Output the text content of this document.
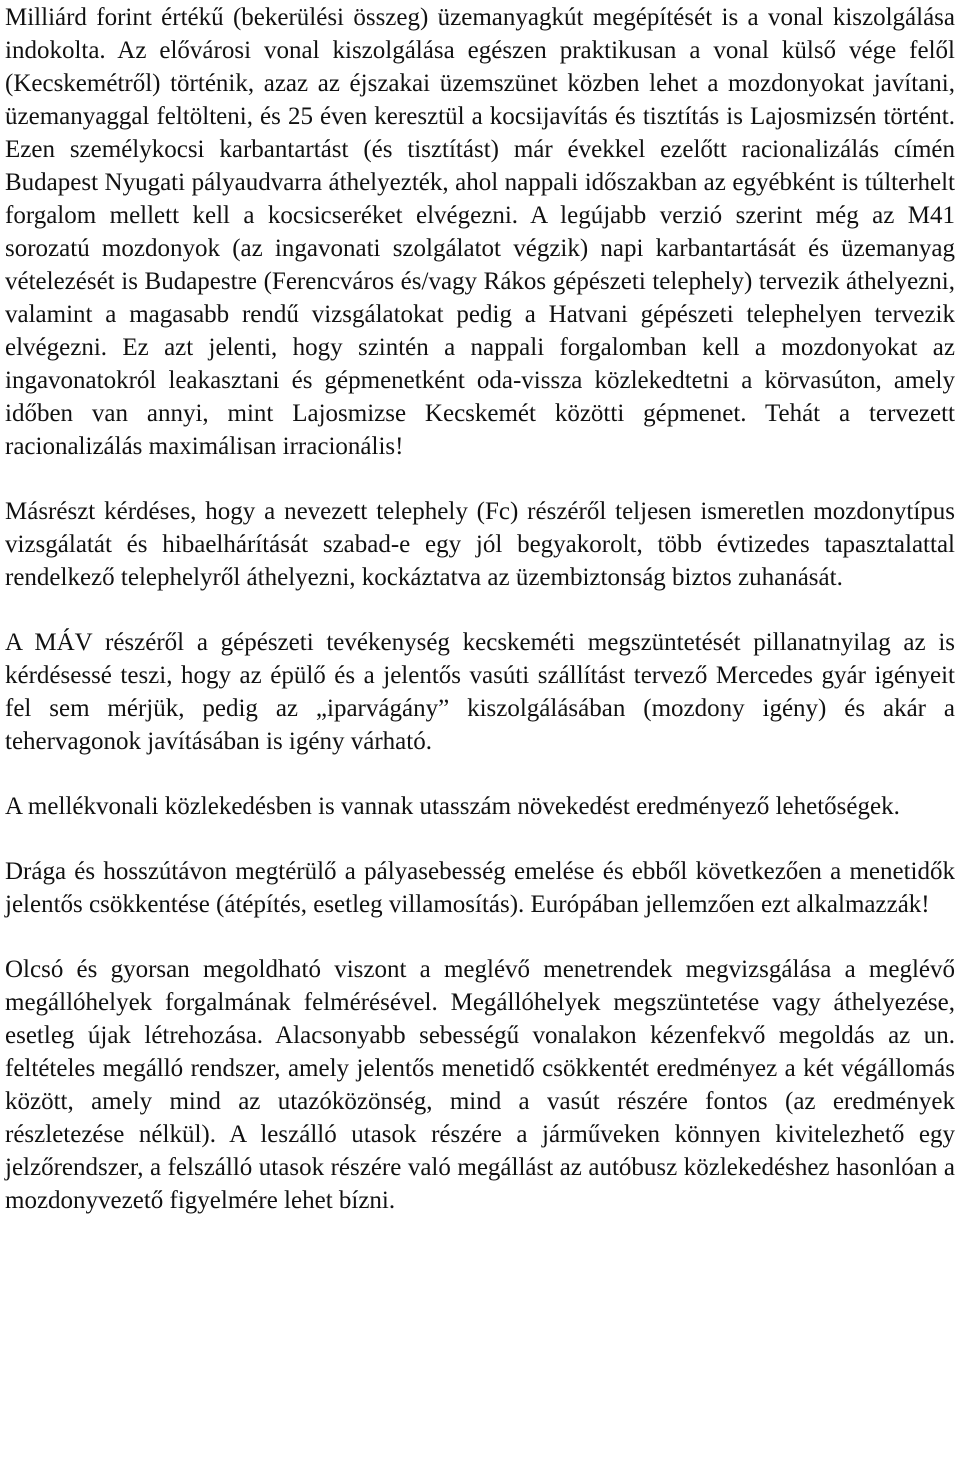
Milliárd forint értékű (bekerülési összeg) üzemanyagkút megépítését is a vonal kiszolgálása indokolta. Az elővárosi vonal kiszolgálása egészen praktikusan a vonal külső vége felől (Kecskemétről) történik, azaz az éjszakai üzemszünet közben lehet a mozdonyokat javítani, üzemanyaggal feltölteni, és 25 éven keresztül a kocsijavítás és tisztítás is Lajosmizsén történt. Ezen személykocsi karbantartást (és tisztítást) már évekkel ezelőtt racionalizálás címén Budapest Nyugati pályaudvarra áthelyezték, ahol nappali időszakban az egyébként is túlterhelt forgalom mellett kell a kocsicseréket elvégezni. A legújabb verzió szerint még az M41 sorozatú mozdonyok (az ingavonati szolgálatot végzik) napi karbantartását és üzemanyag vételezését is Budapestre (Ferencváros és/vagy Rákos gépészeti telephely) tervezik áthelyezni, valamint a magasabb rendű vizsgálatokat pedig a Hatvani gépészeti telephelyen tervezik elvégezni. Ez azt jelenti, hogy szintén a nappali forgalomban kell a mozdonyokat az ingavonatokról leakasztani és gépmenetként oda-vissza közlekedtetni a körvasúton, amely időben van annyi, mint Lajosmizse Kecskemét közötti gépmenet. Tehát a tervezett racionalizálás maximálisan irracionális!

Másrészt kérdéses, hogy a nevezett telephely (Fc) részéről teljesen ismeretlen mozdonytípus vizsgálatát és hibaelhárítását szabad-e egy jól begyakorolt, több évtizedes tapasztalattal rendelkező telephelyről áthelyezni, kockáztatva az üzembiztonság biztos zuhanását.

A MÁV részéről a gépészeti tevékenység kecskeméti megszüntetését pillanatnyilag az is kérdésessé teszi, hogy az épülő és a jelentős vasúti szállítást tervező Mercedes gyár igényeit fel sem mérjük, pedig az „iparvágány” kiszolgálásában (mozdony igény) és akár a tehervagonok javításában is igény várható.

A mellékvonali közlekedésben is vannak utasszám növekedést eredményező lehetőségek.

Drága és hosszútávon megtérülő a pályasebesség emelése és ebből következően a menetidők jelentős csökkentése (átépítés, esetleg villamosítás). Európában jellemzően ezt alkalmazzák!

Olcsó és gyorsan megoldható viszont a meglévő menetrendek megvizsgálása a meglévő megállóhelyek forgalmának felmérésével. Megállóhelyek megszüntetése vagy áthelyezése, esetleg újak létrehozása. Alacsonyabb sebességű vonalakon kézenfekvő megoldás az un. feltételes megálló rendszer, amely jelentős menetidő csökkentét eredményez a két végállomás között, amely mind az utazóközönség, mind a vasút részére fontos (az eredmények részletezése nélkül). A leszálló utasok részére a járműveken könnyen kivitelezhető egy jelzőrendszer, a felszálló utasok részére való megállást az autóbusz közlekedéshez hasonlóan a mozdonyvezető figyelmére lehet bízni.
